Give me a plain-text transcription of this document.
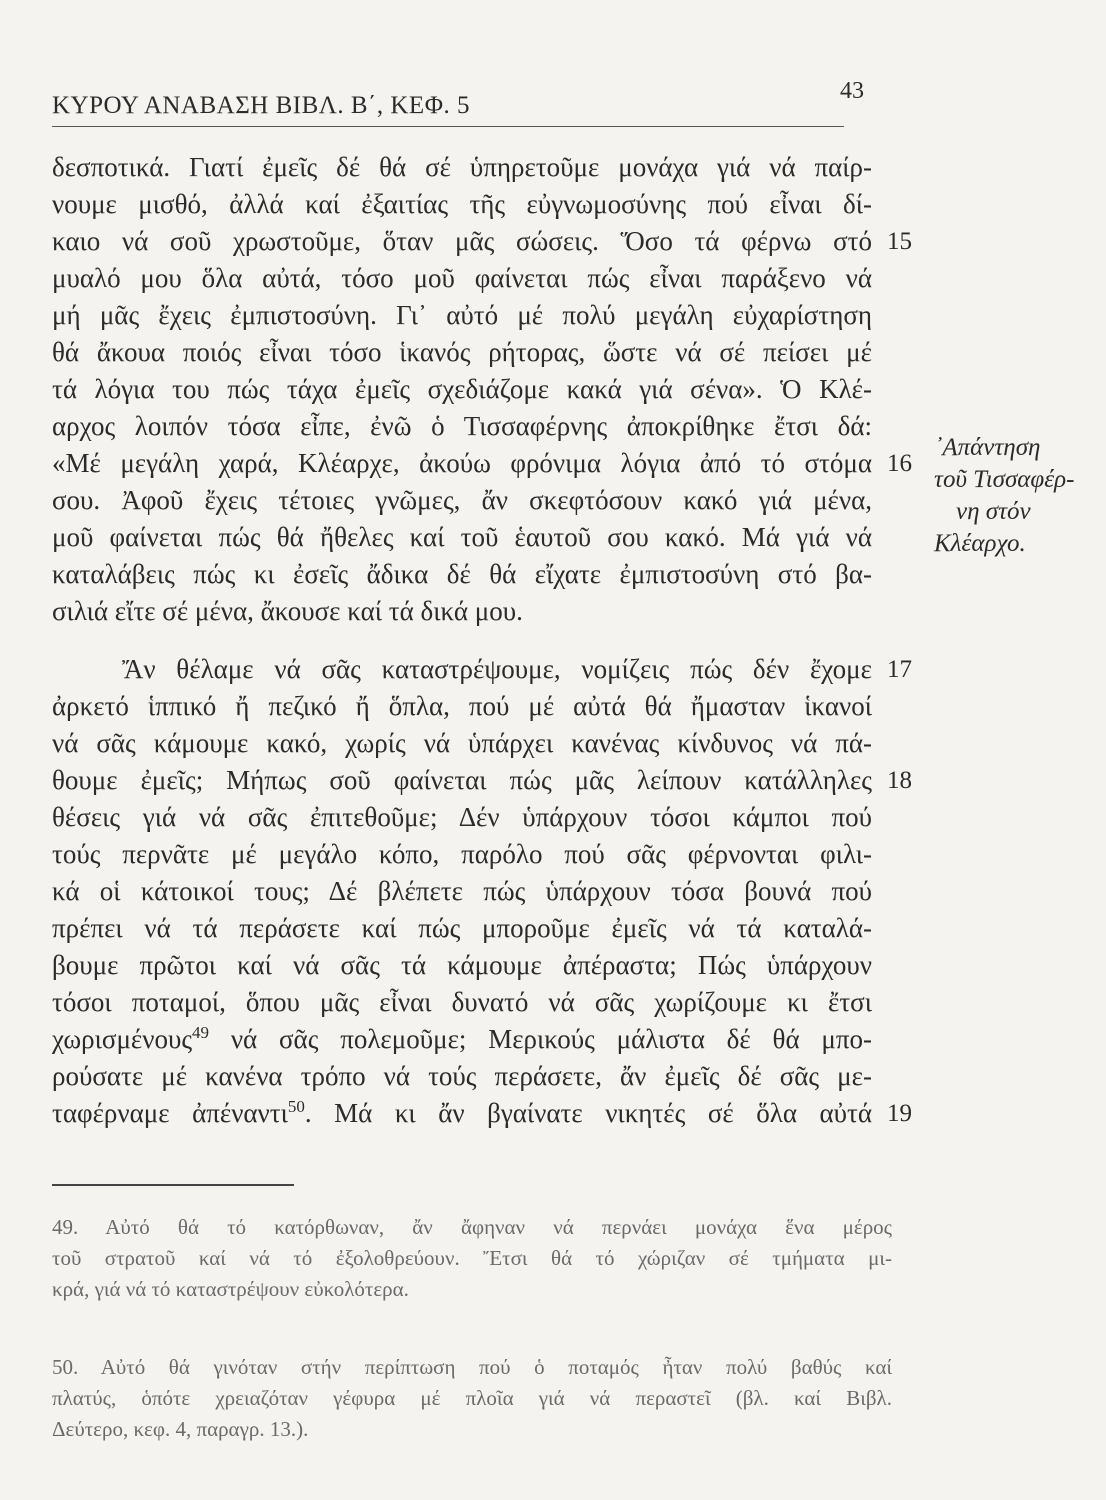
ΚΥΡΟΥ ΑΝΑΒΑΣΗ ΒΙΒΛ. Β΄, ΚΕΦ. 5
43
δεσποτικά. Γιατί ἐμεῖς δέ θά σέ ὑπηρετοῦμε μονάχα γιά νά παίρ-
νουμε μισθό, ἀλλά καί ἐξαιτίας τῆς εὐγνωμοσύνης πού εἶναι δί-
καιο νά σοῦ χρωστοῦμε, ὅταν μᾶς σώσεις. Ὅσο τά φέρνω στό
μυαλό μου ὅλα αὐτά, τόσο μοῦ φαίνεται πώς εἶναι παράξενο νά
μή μᾶς ἔχεις ἐμπιστοσύνη. Γι᾽ αὐτό μέ πολύ μεγάλη εὐχαρίστηση
θά ἄκουα ποιός εἶναι τόσο ἱκανός ρήτορας, ὥστε νά σέ πείσει μέ
τά λόγια του πώς τάχα ἐμεῖς σχεδιάζομε κακά γιά σένα». Ὁ Κλέ-
αρχος λοιπόν τόσα εἶπε, ἐνῶ ὁ Τισσαφέρνης ἀποκρίθηκε ἔτσι δά:
«Μέ μεγάλη χαρά, Κλέαρχε, ἀκούω φρόνιμα λόγια ἀπό τό στόμα
σου. Ἀφοῦ ἔχεις τέτοιες γνῶμες, ἄν σκεφτόσουν κακό γιά μένα,
μοῦ φαίνεται πώς θά ἤθελες καί τοῦ ἑαυτοῦ σου κακό. Μά γιά νά
καταλάβεις πώς κι ἐσεῖς ἄδικα δέ θά εἴχατε ἐμπιστοσύνη στό βα-
σιλιά εἴτε σέ μένα, ἄκουσε καί τά δικά μου.
Ἄν θέλαμε νά σᾶς καταστρέψουμε, νομίζεις πώς δέν ἔχομε
ἀρκετό ἱππικό ἤ πεζικό ἤ ὅπλα, πού μέ αὐτά θά ἤμασταν ἱκανοί
νά σᾶς κάμουμε κακό, χωρίς νά ὑπάρχει κανένας κίνδυνος νά πά-
θουμε ἐμεῖς; Μήπως σοῦ φαίνεται πώς μᾶς λείπουν κατάλληλες
θέσεις γιά νά σᾶς ἐπιτεθοῦμε; Δέν ὑπάρχουν τόσοι κάμποι πού
τούς περνᾶτε μέ μεγάλο κόπο, παρόλο πού σᾶς φέρνονται φιλι-
κά οἱ κάτοικοί τους; Δέ βλέπετε πώς ὑπάρχουν τόσα βουνά πού
πρέπει νά τά περάσετε καί πώς μποροῦμε ἐμεῖς νά τά καταλά-
βουμε πρῶτοι καί νά σᾶς τά κάμουμε ἀπέραστα; Πώς ὑπάρχουν
τόσοι ποταμοί, ὅπου μᾶς εἶναι δυνατό νά σᾶς χωρίζουμε κι ἔτσι
χωρισμένους$^{49}$ νά σᾶς πολεμοῦμε; Μερικούς μάλιστα δέ θά μπο-
ρούσατε μέ κανένα τρόπο νά τούς περάσετε, ἄν ἐμεῖς δέ σᾶς με-
ταφέρναμε ἀπέναντι$^{50}$. Μά κι ἄν βγαίνατε νικητές σέ ὅλα αὐτά
15
16
17
18
19
᾽Απάντηση
τοῦ Τισσαφέρ-
νη στόν
Κλέαρχο.
49. Αὐτό θά τό κατόρθωναν, ἄν ἄφηναν νά περνάει μονάχα ἕνα μέρος
τοῦ στρατοῦ καί νά τό ἐξολοθρεύουν. Ἔτσι θά τό χώριζαν σέ τμήματα μι-
κρά, γιά νά τό καταστρέψουν εὐκολότερα.
50. Αὐτό θά γινόταν στήν περίπτωση πού ὁ ποταμός ἦταν πολύ βαθύς καί
πλατύς, ὁπότε χρειαζόταν γέφυρα μέ πλοῖα γιά νά περαστεῖ (βλ. καί Βιβλ.
Δεύτερο, κεφ. 4, παραγρ. 13.).
